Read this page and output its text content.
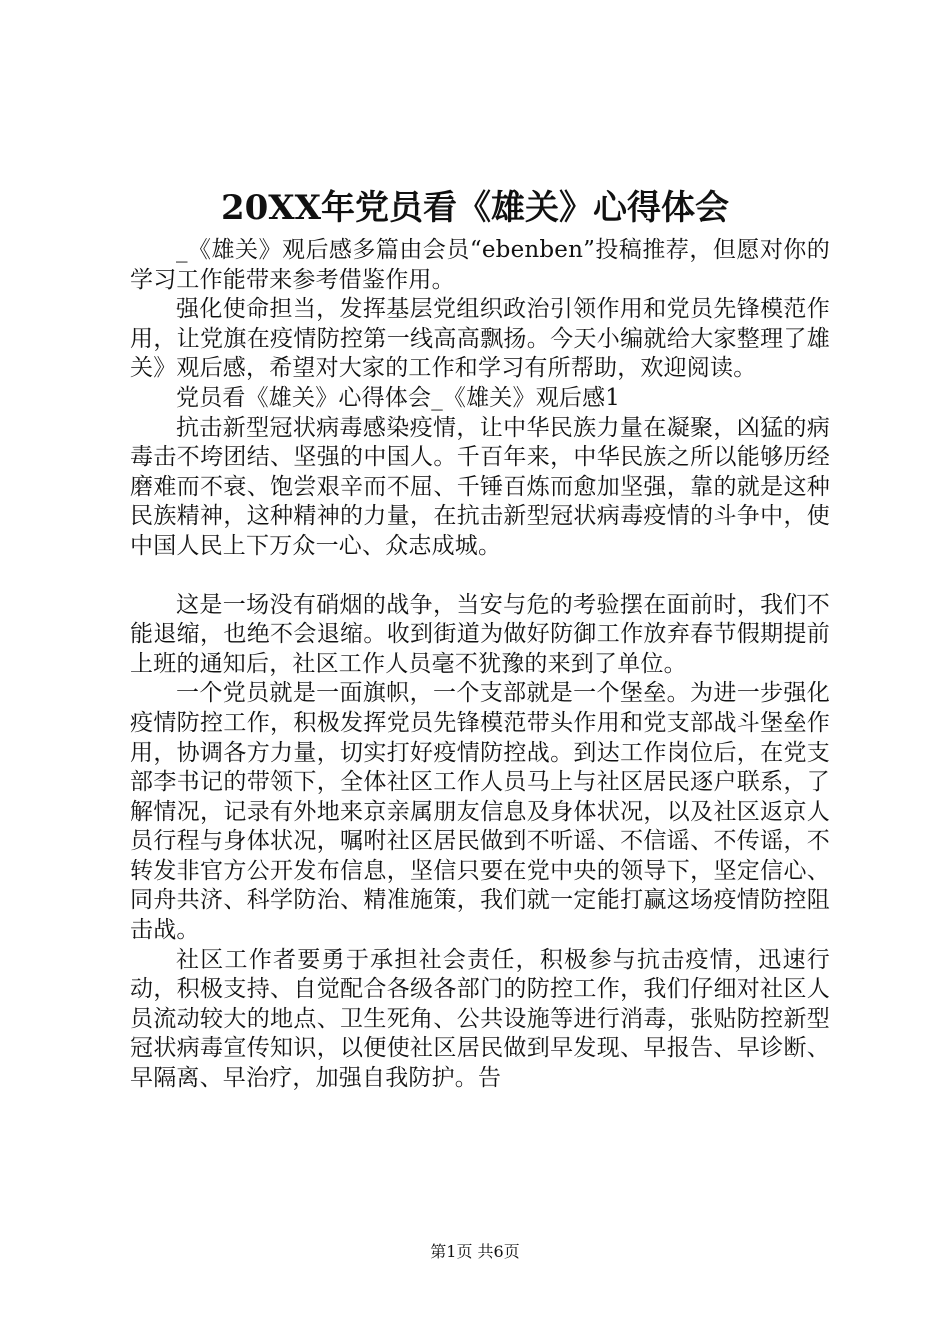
20XX年党员看《雄关》心得体会

_《雄关》观后感多篇由会员“ebenben”投稿推荐，但愿对你的学习工作能带来参考借鉴作用。

强化使命担当，发挥基层党组织政治引领作用和党员先锋模范作用，让党旗在疫情防控第一线高高飘扬。今天小编就给大家整理了雄关》观后感，希望对大家的工作和学习有所帮助，欢迎阅读。

党员看《雄关》心得体会_《雄关》观后感1

抗击新型冠状病毒感染疫情，让中华民族力量在凝聚，凶猛的病毒击不垮团结、坚强的中国人。千百年来，中华民族之所以能够历经磨难而不衰、饱尝艰辛而不屈、千锤百炼而愈加坚强，靠的就是这种民族精神，这种精神的力量，在抗击新型冠状病毒疫情的斗争中，使中国人民上下万众一心、众志成城。

这是一场没有硝烟的战争，当安与危的考验摆在面前时，我们不能退缩，也绝不会退缩。收到街道为做好防御工作放弃春节假期提前上班的通知后，社区工作人员毫不犹豫的来到了单位。

一个党员就是一面旗帜，一个支部就是一个堡垒。为进一步强化疫情防控工作，积极发挥党员先锋模范带头作用和党支部战斗堡垒作用，协调各方力量，切实打好疫情防控战。到达工作岗位后，在党支部李书记的带领下，全体社区工作人员马上与社区居民逐户联系，了解情况，记录有外地来京亲属朋友信息及身体状况，以及社区返京人员行程与身体状况，嘱咐社区居民做到不听谣、不信谣、不传谣，不转发非官方公开发布信息，坚信只要在党中央的领导下，坚定信心、同舟共济、科学防治、精准施策，我们就一定能打赢这场疫情防控阻击战。

社区工作者要勇于承担社会责任，积极参与抗击疫情，迅速行动，积极支持、自觉配合各级各部门的防控工作，我们仔细对社区人员流动较大的地点、卫生死角、公共设施等进行消毒，张贴防控新型冠状病毒宣传知识，以便使社区居民做到早发现、早报告、早诊断、早隔离、早治疗，加强自我防护。告

第1页 共6页
